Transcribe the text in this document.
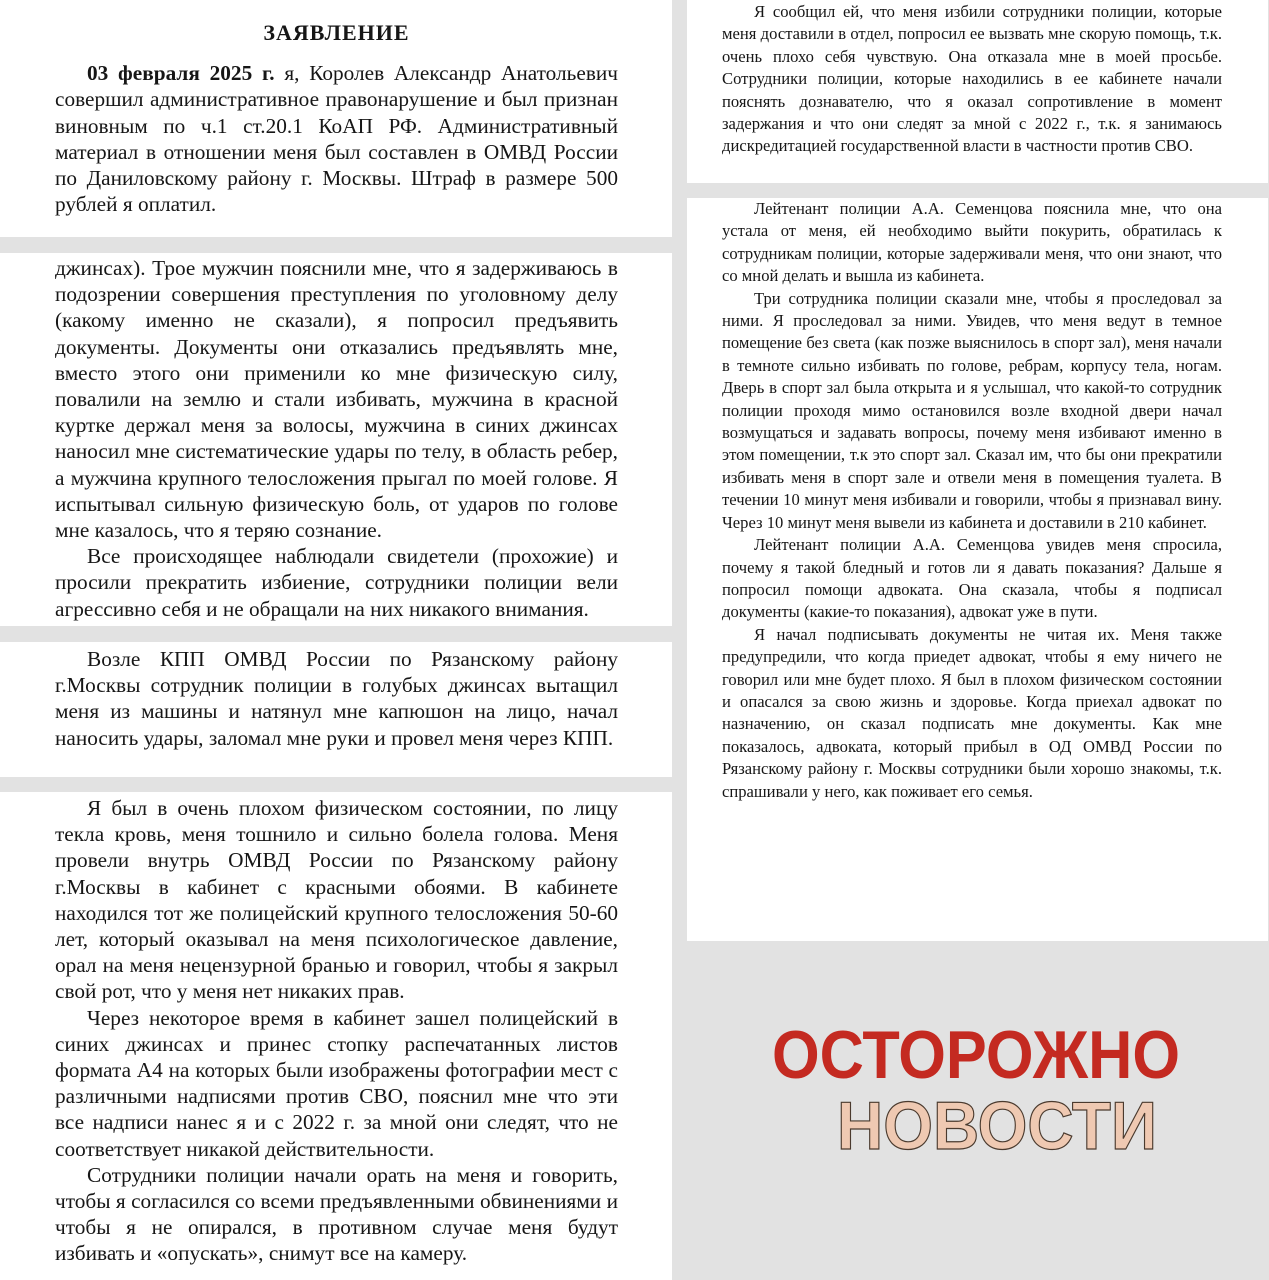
ЗАЯВЛЕНИЕ

03 февраля 2025 г. я, Королев Александр Анатольевич совершил административное правонарушение и был признан виновным по ч.1 ст.20.1 КоАП РФ. Административный материал в отношении меня был составлен в ОМВД России по Даниловскому району г. Москвы. Штраф в размере 500 рублей я оплатил.

джинсах). Трое мужчин пояснили мне, что я задерживаюсь в подозрении совершения преступления по уголовному делу (какому именно не сказали), я попросил предъявить документы. Документы они отказались предъявлять мне, вместо этого они применили ко мне физическую силу, повалили на землю и стали избивать, мужчина в красной куртке держал меня за волосы, мужчина в синих джинсах наносил мне систематические удары по телу, в область ребер, а мужчина крупного телосложения прыгал по моей голове. Я испытывал сильную физическую боль, от ударов по голове мне казалось, что я теряю сознание.

Все происходящее наблюдали свидетели (прохожие) и просили прекратить избиение, сотрудники полиции вели агрессивно себя и не обращали на них никакого внимания.

Возле КПП ОМВД России по Рязанскому району г.Москвы сотрудник полиции в голубых джинсах вытащил меня из машины и натянул мне капюшон на лицо, начал наносить удары, заломал мне руки и провел меня через КПП.

Я был в очень плохом физическом состоянии, по лицу текла кровь, меня тошнило и сильно болела голова. Меня провели внутрь ОМВД России по Рязанскому району г.Москвы в кабинет с красными обоями. В кабинете находился тот же полицейский крупного телосложения 50-60 лет, который оказывал на меня психологическое давление, орал на меня нецензурной бранью и говорил, чтобы я закрыл свой рот, что у меня нет никаких прав.

Через некоторое время в кабинет зашел полицейский в синих джинсах и принес стопку распечатанных листов формата А4 на которых были изображены фотографии мест с различными надписями против СВО, пояснил мне что эти все надписи нанес я и с 2022 г. за мной они следят, что не соответствует никакой действительности.

Сотрудники полиции начали орать на меня и говорить, чтобы я согласился со всеми предъявленными обвинениями и чтобы я не опирался, в противном случае меня будут избивать и «опускать», снимут все на камеру.

Я сообщил ей, что меня избили сотрудники полиции, которые меня доставили в отдел, попросил ее вызвать мне скорую помощь, т.к. очень плохо себя чувствую. Она отказала мне в моей просьбе. Сотрудники полиции, которые находились в ее кабинете начали пояснять дознавателю, что я оказал сопротивление в момент задержания и что они следят за мной с 2022 г., т.к. я занимаюсь дискредитацией государственной власти в частности против СВО.

Лейтенант полиции А.А. Семенцова пояснила мне, что она устала от меня, ей необходимо выйти покурить, обратилась к сотрудникам полиции, которые задерживали меня, что они знают, что со мной делать и вышла из кабинета.

Три сотрудника полиции сказали мне, чтобы я проследовал за ними. Я проследовал за ними. Увидев, что меня ведут в темное помещение без света (как позже выяснилось в спорт зал), меня начали в темноте сильно избивать по голове, ребрам, корпусу тела, ногам. Дверь в спорт зал была открыта и я услышал, что какой-то сотрудник полиции проходя мимо остановился возле входной двери начал возмущаться и задавать вопросы, почему меня избивают именно в этом помещении, т.к это спорт зал. Сказал им, что бы они прекратили избивать меня в спорт зале и отвели меня в помещения туалета. В течении 10 минут меня избивали и говорили, чтобы я признавал вину. Через 10 минут меня вывели из кабинета и доставили в 210 кабинет.

Лейтенант полиции А.А. Семенцова увидев меня спросила, почему я такой бледный и готов ли я давать показания? Дальше я попросил помощи адвоката. Она сказала, чтобы я подписал документы (какие-то показания), адвокат уже в пути.

Я начал подписывать документы не читая их. Меня также предупредили, что когда приедет адвокат, чтобы я ему ничего не говорил или мне будет плохо. Я был в плохом физическом состоянии и опасался за свою жизнь и здоровье. Когда приехал адвокат по назначению, он сказал подписать мне документы. Как мне показалось, адвоката, который прибыл в ОД ОМВД России по Рязанскому району г. Москвы сотрудники были хорошо знакомы, т.к. спрашивали у него, как поживает его семья.

ОСТОРОЖНО
НОВОСТИ
